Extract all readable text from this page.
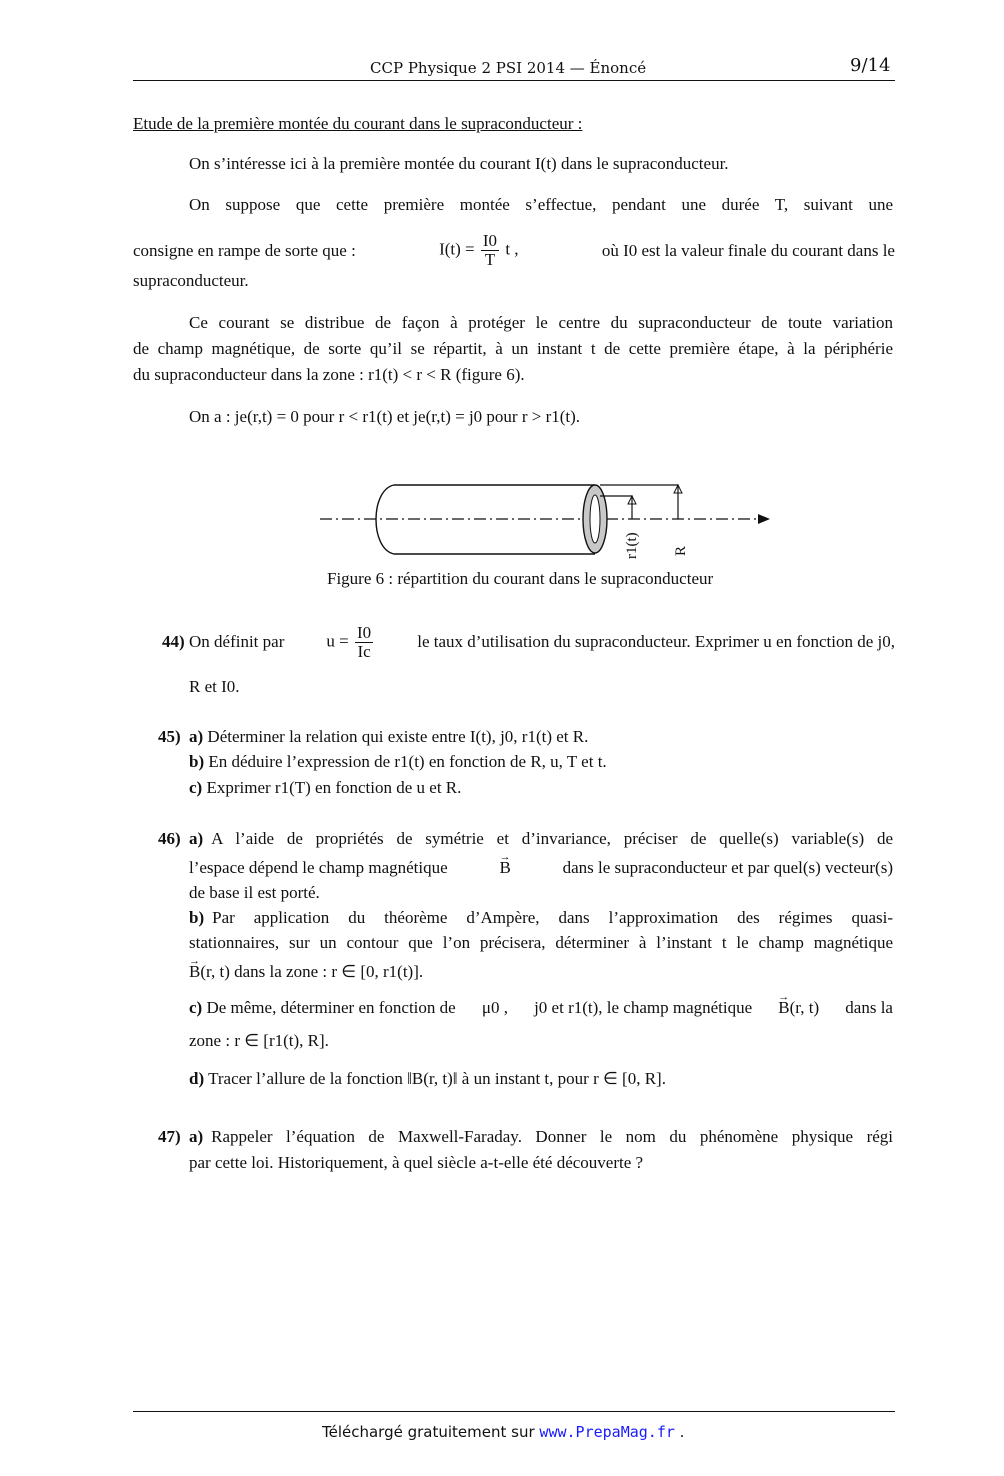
CCP Physique 2 PSI 2014 — Énoncé	9/14
Etude de la première montée du courant dans le supraconducteur :
On s’intéresse ici à la première montée du courant I(t) dans le supraconducteur.
On suppose que cette première montée s’effectue, pendant une durée T, suivant une
consigne en rampe de sorte que :	$I(t) = \frac{I0}{T}$ t ,	où I0 est la valeur finale du courant dans le
supraconducteur.
Ce courant se distribue de façon à protéger le centre du supraconducteur de toute variation
de champ magnétique, de sorte qu’il se répartit, à un instant t de cette première étape, à la périphérie
du supraconducteur dans la zone : r1(t) < r < R (figure 6).
On a : je(r,t) = 0 pour r < r1(t) et je(r,t) = j0 pour r > r1(t).
r1(t) R
Figure 6 : répartition du courant dans le supraconducteur
44) On définit par $u = \frac{I0}{Ic}$	le taux d’utilisation du supraconducteur. Exprimer u en fonction de j0,
R et I0.
45) a) Déterminer la relation qui existe entre I(t), j0, r1(t) et R.
b) En déduire l’expression de r1(t) en fonction de R, u, T et t.
c) Exprimer r1(T) en fonction de u et R.
46) a) A l’aide de propriétés de symétrie et d’invariance, préciser de quelle(s) variable(s) de
l’espace dépend le champ magnétique	→ B	dans le supraconducteur et par quel(s) vecteur(s)
de base il est porté.
b) Par application du théorème d’Ampère, dans l’approximation des régimes quasi-
stationnaires, sur un contour que l’on précisera, déterminer à l’instant t le champ magnétique
→ B(r, t) dans la zone : r ∈ [0, r1(t)].
c) De même, déterminer en fonction de μ0 , j0 et r1(t), le champ magnétique → B(r, t) dans la
zone : r ∈ [r1(t), R].
d) Tracer l’allure de la fonction ‖B(r, t)‖ à un instant t, pour r ∈ [0, R].
47) a) Rappeler l’équation de Maxwell-Faraday. Donner le nom du phénomène physique régi
par cette loi. Historiquement, à quel siècle a-t-elle été découverte ?
Téléchargé gratuitement sur www.PrepaMag.fr .
